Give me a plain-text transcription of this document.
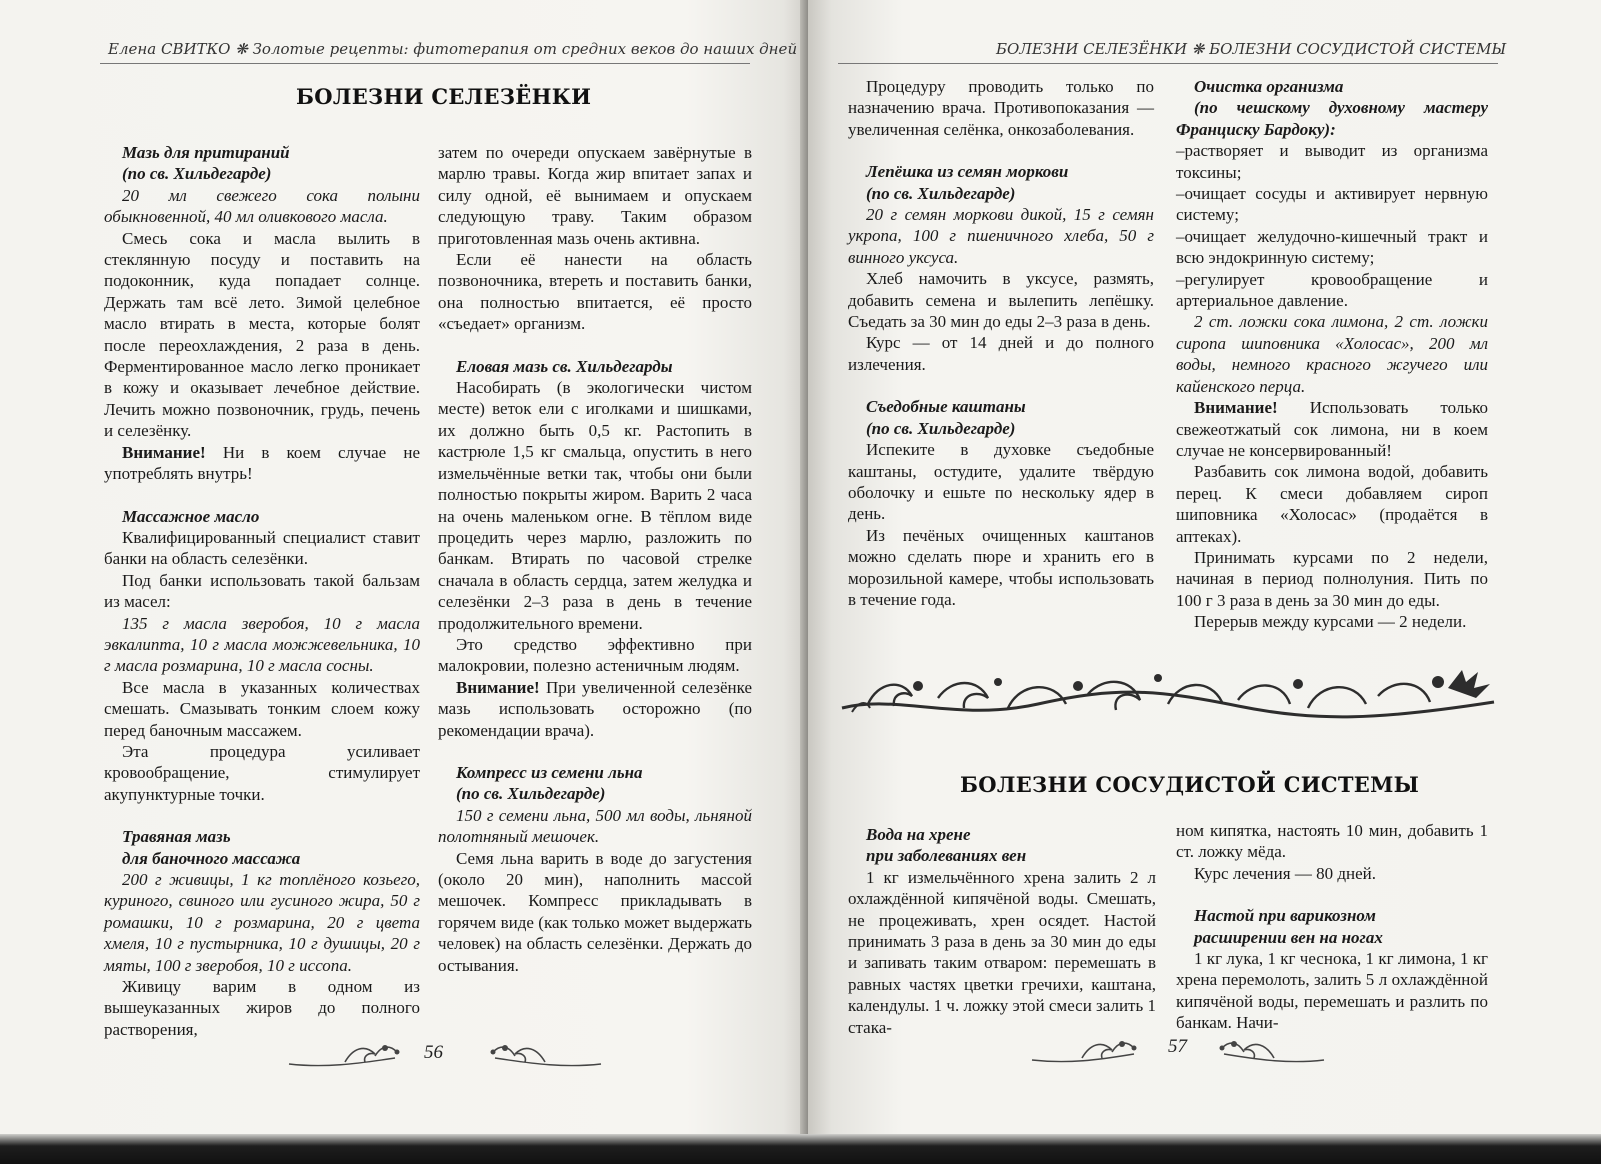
Елена СВИТКО ❋ Золотые рецепты: фитотерапия от средних веков до наших дней
БОЛЕЗНИ СЕЛЕЗЁНКИ

Мазь для притираний

(по св. Хильдегарде)

20 мл свежего сока полыни обыкновенной, 40 мл оливкового масла.

Смесь сока и масла вылить в стеклянную посуду и поставить на подоконник, куда попадает солнце. Держать там всё лето. Зимой целебное масло втирать в места, которые болят после переохлаждения, 2 раза в день. Ферментированное масло легко проникает в кожу и оказывает лечебное действие. Лечить можно позвоночник, грудь, печень и селезёнку.

Внимание! Ни в коем случае не употреблять внутрь!

Массажное масло

Квалифицированный специалист ставит банки на область селезёнки.

Под банки использовать такой бальзам из масел:

135 г масла зверобоя, 10 г масла эвкалипта, 10 г масла можжевельника, 10 г масла розмарина, 10 г масла сосны.

Все масла в указанных количествах смешать. Смазывать тонким слоем кожу перед баночным массажем.

Эта процедура усиливает кровообращение, стимулирует акупунктурные точки.

Травяная мазь

для баночного массажа

200 г живицы, 1 кг топлёного козьего, куриного, свиного или гусиного жира, 50 г ромашки, 10 г розмарина, 20 г цвета хмеля, 10 г пустырника, 10 г душицы, 20 г мяты, 100 г зверобоя, 10 г иссопа.

Живицу варим в одном из вышеуказанных жиров до полного растворения,

затем по очереди опускаем завёрнутые в марлю травы. Когда жир впитает запах и силу одной, её вынимаем и опускаем следующую траву. Таким образом приготовленная мазь очень активна.

Если её нанести на область позвоночника, втереть и поставить банки, она полностью впитается, её просто «съедает» организм.

Еловая мазь св. Хильдегарды

Насобирать (в экологически чистом месте) веток ели с иголками и шишками, их должно быть 0,5 кг. Растопить в кастрюле 1,5 кг смальца, опустить в него измельчённые ветки так, чтобы они были полностью покрыты жиром. Варить 2 часа на очень маленьком огне. В тёплом виде процедить через марлю, разложить по банкам. Втирать по часовой стрелке сначала в область сердца, затем желудка и селезёнки 2–3 раза в день в течение продолжительного времени.

Это средство эффективно при малокровии, полезно астеничным людям.

Внимание! При увеличенной селезёнке мазь использовать осторожно (по рекомендации врача).

Компресс из семени льна

(по св. Хильдегарде)

150 г семени льна, 500 мл воды, льняной полотняный мешочек.

Семя льна варить в воде до загустения (около 20 мин), наполнить массой мешочек. Компресс прикладывать в горячем виде (как только может выдержать человек) на область селезёнки. Держать до остывания.

56
БОЛЕЗНИ СЕЛЕЗЁНКИ ❋ БОЛЕЗНИ СОСУДИСТОЙ СИСТЕМЫ

Процедуру проводить только по назначению врача. Противопоказания — увеличенная селёнка, онкозаболевания.

Лепёшка из семян моркови

(по св. Хильдегарде)

20 г семян моркови дикой, 15 г семян укропа, 100 г пшеничного хлеба, 50 г винного уксуса.

Хлеб намочить в уксусе, размять, добавить семена и вылепить лепёшку. Съедать за 30 мин до еды 2–3 раза в день.

Курс — от 14 дней и до полного излечения.

Съедобные каштаны

(по св. Хильдегарде)

Испеките в духовке съедобные каштаны, остудите, удалите твёрдую оболочку и ешьте по нескольку ядер в день.

Из печёных очищенных каштанов можно сделать пюре и хранить его в морозильной камере, чтобы использовать в течение года.

Очистка организма

(по чешскому духовному мастеру Франциску Бардоку):

–растворяет и выводит из организма токсины;

–очищает сосуды и активирует нервную систему;

–очищает желудочно-кишечный тракт и всю эндокринную систему;

–регулирует кровообращение и артериальное давление.

2 ст. ложки сока лимона, 2 ст. ложки сиропа шиповника «Холосас», 200 мл воды, немного красного жгучего или кайенского перца.

Внимание! Использовать только свежеотжатый сок лимона, ни в коем случае не консервированный!

Разбавить сок лимона водой, добавить перец. К смеси добавляем сироп шиповника «Холосас» (продаётся в аптеках).

Принимать курсами по 2 недели, начиная в период полнолуния. Пить по 100 г 3 раза в день за 30 мин до еды.

Перерыв между курсами — 2 недели.

БОЛЕЗНИ СОСУДИСТОЙ СИСТЕМЫ

Вода на хрене

при заболеваниях вен

1 кг измельчённого хрена залить 2 л охлаждённой кипячёной воды. Смешать, не процеживать, хрен осядет. Настой принимать 3 раза в день за 30 мин до еды и запивать таким отваром: перемешать в равных частях цветки гречихи, каштана, календулы. 1 ч. ложку этой смеси залить 1 стака-

ном кипятка, настоять 10 мин, добавить 1 ст. ложку мёда.

Курс лечения — 80 дней.

Настой при варикозном

расширении вен на ногах

1 кг лука, 1 кг чеснока, 1 кг лимона, 1 кг хрена перемолоть, залить 5 л охлаждённой кипячёной воды, перемешать и разлить по банкам. Начи-

57
